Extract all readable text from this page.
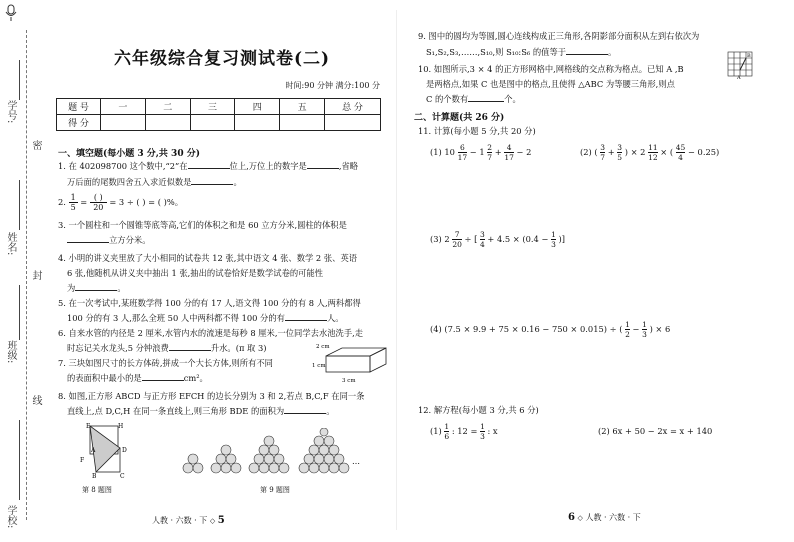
学号:
姓名:
班级:
学校:
密
封
线
六年级综合复习测试卷(二)
时间:90 分钟 满分:100 分
题 号	一	二	三	四	五	总 分
得 分						
一、填空题(每小题 3 分,共 30 分)
1. 在 402098700 这个数中,“2”在	位上,万位上的数字是	,省略
万后面的尾数四舍五入求近似数是	。
2. $\frac{1}{5}$ = ( )
20
= 3 ÷ ( ) = ( )%。
3. 一个圆柱和一个圆锥等底等高,它们的体积之和是 60 立方分米,圆柱的体积是
立方分米。
4. 小明的讲义夹里放了大小相同的试卷共 12 张,其中语文 4 张、数学 2 张、英语
6 张,他随机从讲义夹中抽出 1 张,抽出的试卷恰好是数学试卷的可能性
为	。
5. 在一次考试中,某班数学得 100 分的有 17 人,语文得 100 分的有 8 人,两科都得
100 分的有 3 人,那么全班 50 人中两科都不得 100 分的有	人。
6. 自来水管的内径是 2 厘米,水管内水的流速是每秒 8 厘米,一位同学去水池洗手,走
时忘记关水龙头,5 分钟浪费	升水。(π 取 3)
7. 三块如图尺寸的长方体砖,拼成一个大长方体,则所有不同
的表面积中最小的是	cm²。
2 cm
1 cm
3 cm
8. 如图,正方形 ABCD 与正方形 EFCH 的边长分别为 3 和 2,若点 B,C,F 在同一条
直线上,点 D,C,H 在同一条直线上,则三角形 BDE 的面积为	。
E	H
A	D
F
B	C
第 8 题图
…
第 9 题图
人教 · 六数 · 下 ◇ 5
9. 图中的圆均为等圆,圆心连线构成正三角形,各阴影部分面积从左到右依次为
S₁,S₂,S₃,……,S₁₀,则 S₁₀:S₆ 的值等于	。
10. 如图所示,3 × 4 的正方形网格中,网格线的交点称为格点。已知 A ,B
是两格点,如果 C 也是图中的格点,且使得 △ABC 为等腰三角形,则点
C 的个数有	个。
A
B
二、计算题(共 26 分)
11. 计算(每小题 5 分,共 20 分)
(1) $10 \frac{6}{17} - 1 \frac{2}{7} + \frac{4}{17} - 2$	(2) ( $\frac{3}{7} + \frac{3}{5}$ ) × $2 \frac{11}{12}$ × ( $\frac{45}{4} - 0.25$)
(3) $2 \frac{7}{20}$ ÷ [ $\frac{3}{4} + 4.5 \times (0.4 - \frac{1}{3}$ )]
(4) (7.5 × 9.9 + 75 × 0.16 − 750 × 0.015) ÷ ( $\frac{1}{2} - \frac{1}{3}$ ) × 6
12. 解方程(每小题 3 分,共 6 分)
$(1) \frac{1}{6}$ : $12 = \frac{1}{3}$ : x	(2) 6x + 50 − 2x = x + 140
6 ◇ 人教 · 六数 · 下
